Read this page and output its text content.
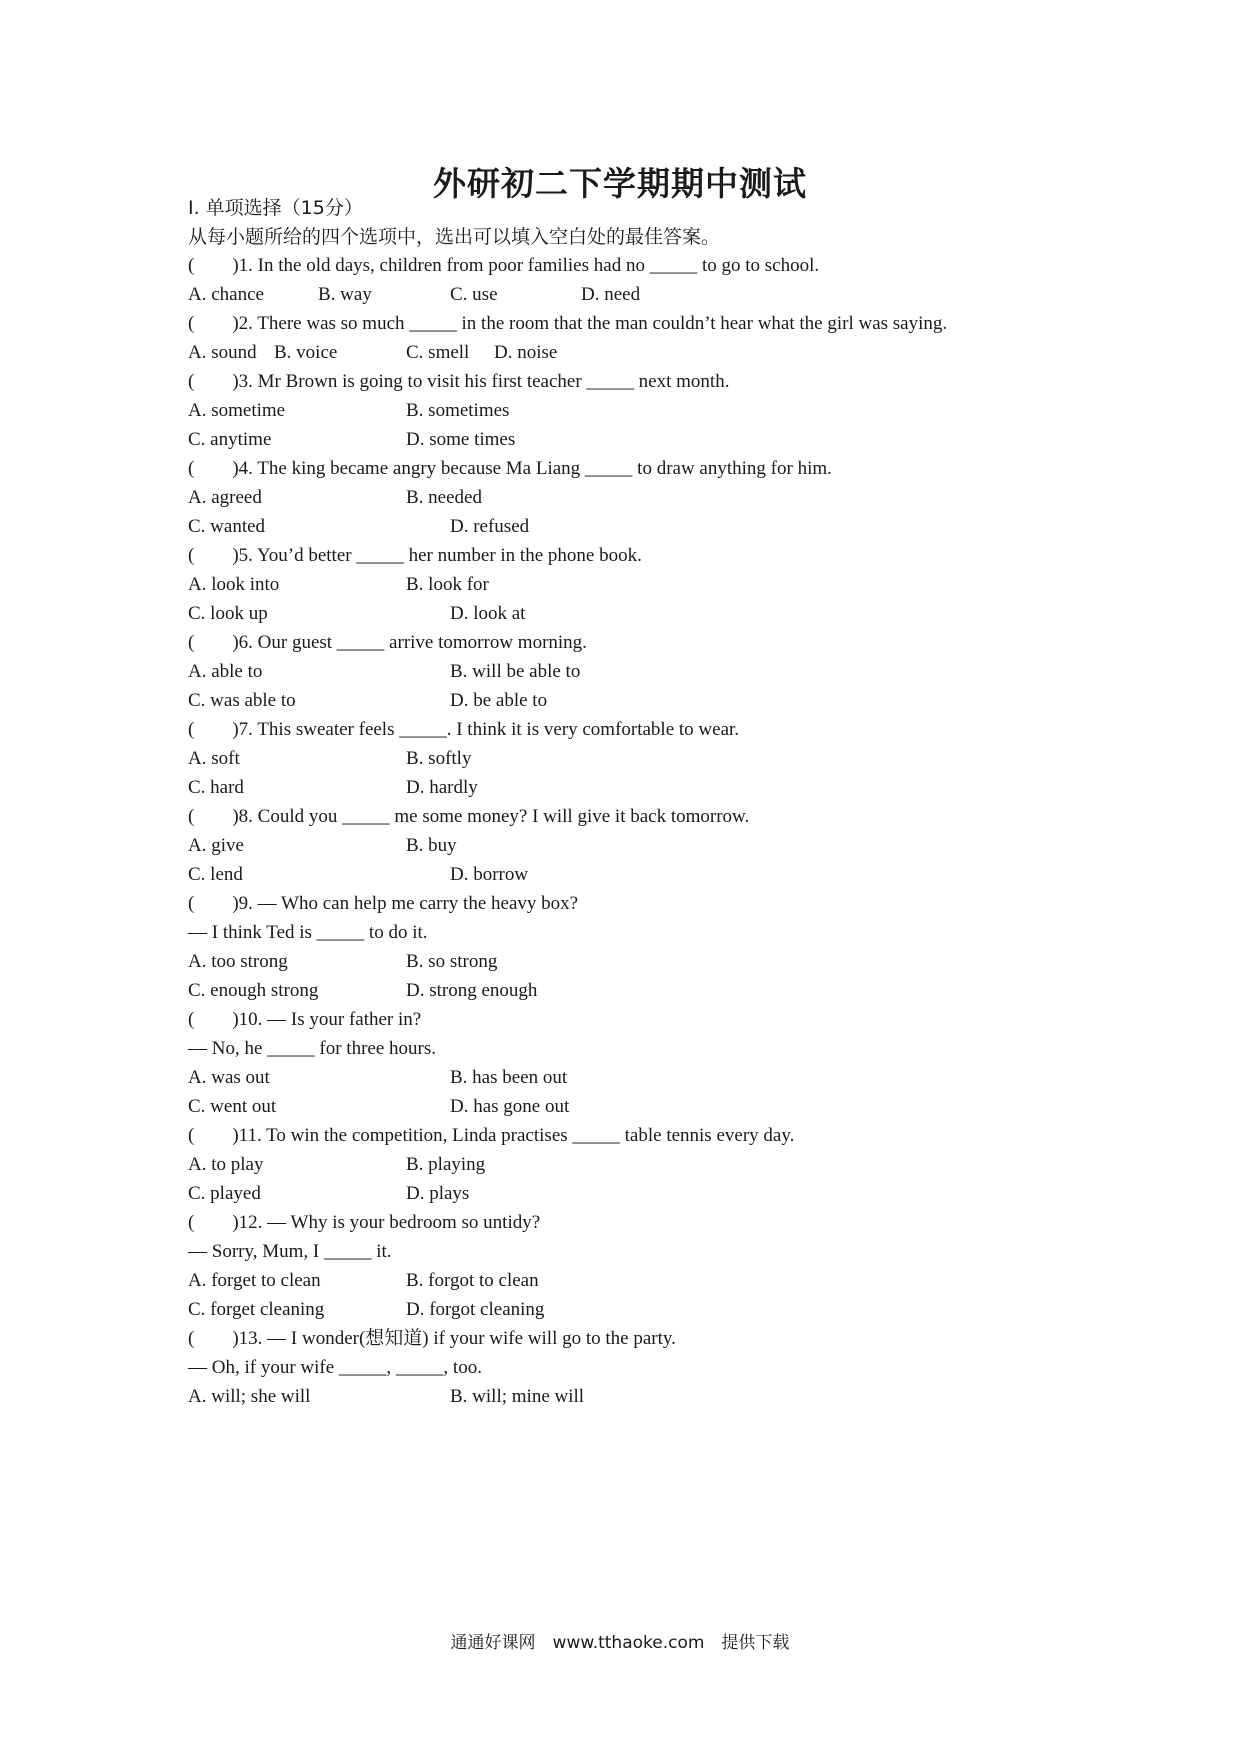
外研初二下学期期中测试
I. 单项选择（15分）
从每小题所给的四个选项中，选出可以填入空白处的最佳答案。
(  )1. In the old days, children from poor families had no _____ to go to school.
A. chance	B. way	C. use	D. need
(  )2. There was so much _____ in the room that the man couldn’t hear what the girl was saying.
A. sound B. voice	C. smell D. noise
(  )3. Mr Brown is going to visit his first teacher _____ next month.
A. sometime	B. sometimes
C. anytime	D. some times
(  )4. The king became angry because Ma Liang _____ to draw anything for him.
A. agreed	B. needed
C. wanted	D. refused
(  )5. You’d better _____ her number in the phone book.
A. look into	B. look for
C. look up	D. look at
(  )6. Our guest _____ arrive tomorrow morning.
A. able to	B. will be able to
C. was able to	D. be able to
(  )7. This sweater feels _____. I think it is very comfortable to wear.
A. soft	B. softly
C. hard	D. hardly
(  )8. Could you _____ me some money? I will give it back tomorrow.
A. give	B. buy
C. lend	D. borrow
(  )9. — Who can help me carry the heavy box?
— I think Ted is _____ to do it.
A. too strong	B. so strong
C. enough strong	D. strong enough
(  )10. — Is your father in?
— No, he _____ for three hours.
A. was out	B. has been out
C. went out	D. has gone out
(  )11. To win the competition, Linda practises _____ table tennis every day.
A. to play	B. playing
C. played	D. plays
(  )12. — Why is your bedroom so untidy?
— Sorry, Mum, I _____ it.
A. forget to clean	B. forgot to clean
C. forget cleaning	D. forgot cleaning
(  )13. — I wonder(想知道) if your wife will go to the party.
— Oh, if your wife _____, _____, too.
A. will; she will	B. will; mine will
通通好课网 www.tthaoke.com 提供下载
